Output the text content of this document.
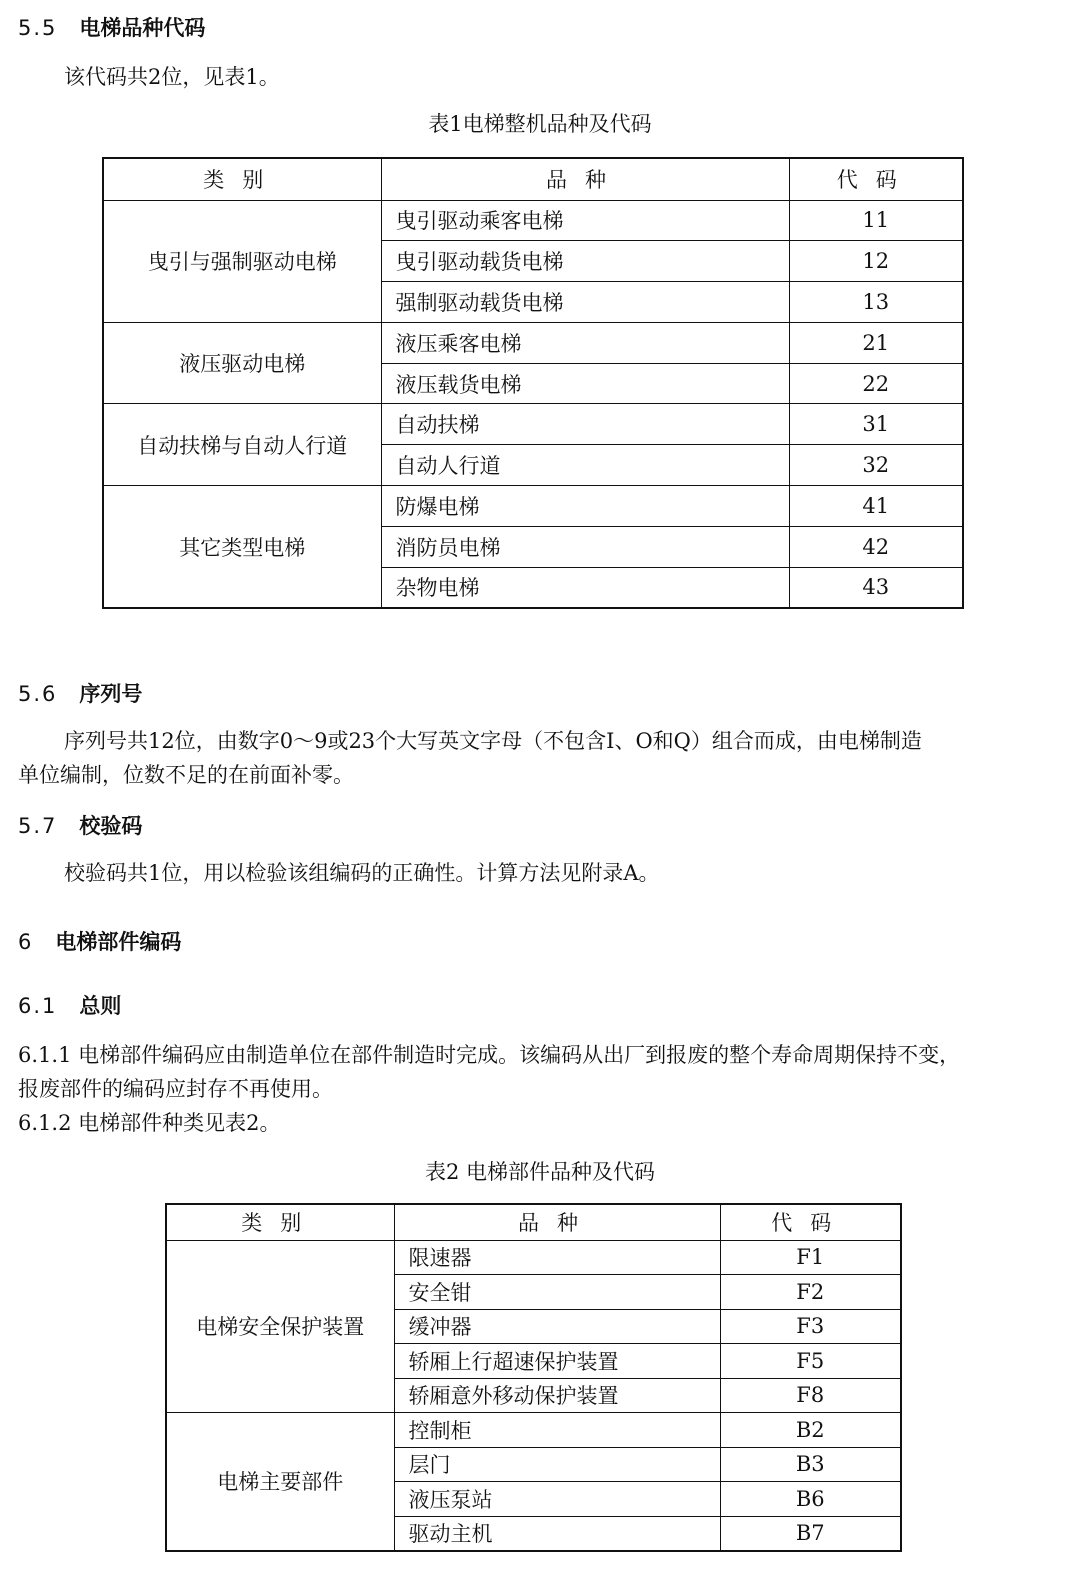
5.5 电梯品种代码
该代码共2位，见表1。
表1电梯整机品种及代码
类别	品种	代码
曳引与强制驱动电梯	曳引驱动乘客电梯	11
	曳引驱动载货电梯	12
	强制驱动载货电梯	13
液压驱动电梯	液压乘客电梯	21
	液压载货电梯	22
自动扶梯与自动人行道	自动扶梯	31
	自动人行道	32
其它类型电梯	防爆电梯	41
	消防员电梯	42
	杂物电梯	43
5.6 序列号
序列号共12位，由数字0～9或23个大写英文字母（不包含I、O和Q）组合而成，由电梯制造
单位编制，位数不足的在前面补零。
5.7 校验码
校验码共1位，用以检验该组编码的正确性。计算方法见附录A。
6 电梯部件编码
6.1 总则
6.1.1 电梯部件编码应由制造单位在部件制造时完成。该编码从出厂到报废的整个寿命周期保持不变，
报废部件的编码应封存不再使用。
6.1.2 电梯部件种类见表2。
表2 电梯部件品种及代码
类别	品种	代码
电梯安全保护装置	限速器	F1
	安全钳	F2
	缓冲器	F3
	轿厢上行超速保护装置	F5
	轿厢意外移动保护装置	F8
电梯主要部件	控制柜	B2
	层门	B3
	液压泵站	B6
	驱动主机	B7
